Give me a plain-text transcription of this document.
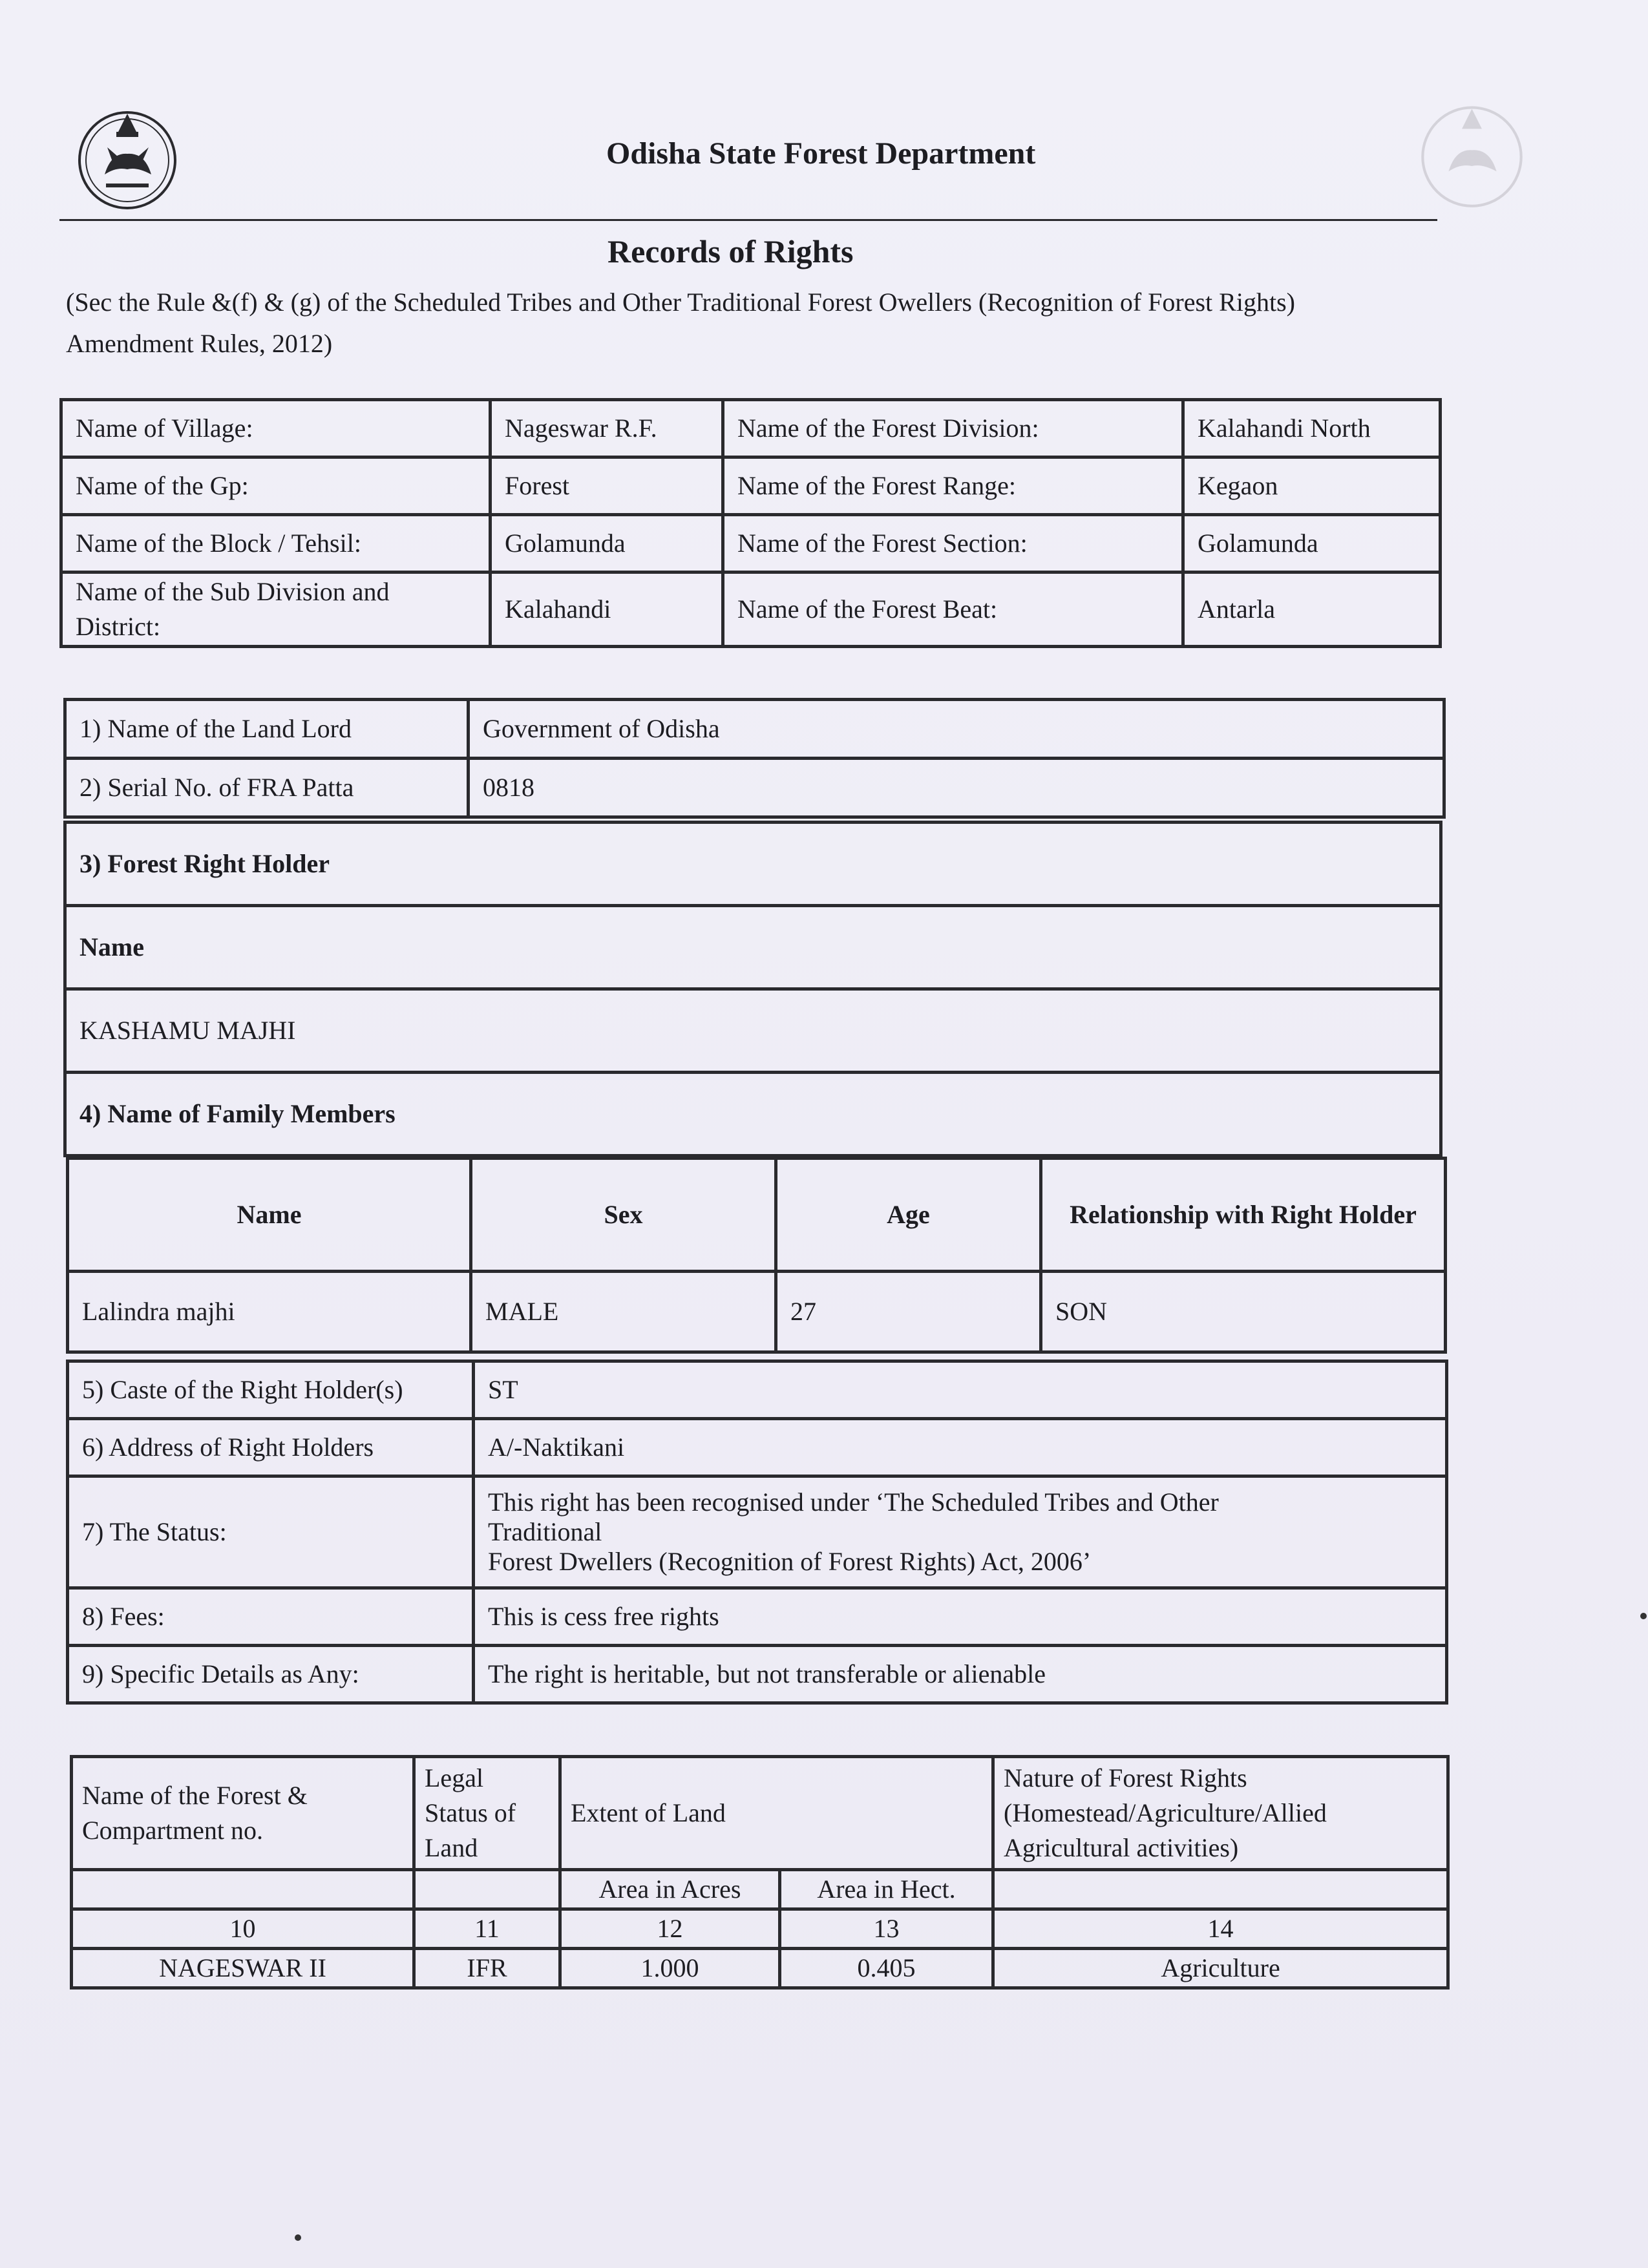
Odisha State Forest Department
Records of Rights
(Sec the Rule &(f) & (g) of the Scheduled Tribes and Other Traditional Forest Owellers (Recognition of Forest Rights) Amendment Rules, 2012)
Name of Village:	Nageswar R.F.	Name of the Forest Division:	Kalahandi North
Name of the Gp:	Forest	Name of the Forest Range:	Kegaon
Name of the Block / Tehsil:	Golamunda	Name of the Forest Section:	Golamunda
Name of the Sub Division and District:	Kalahandi	Name of the Forest Beat:	Antarla
1) Name of the Land Lord	Government of Odisha
2) Serial No. of FRA Patta	0818
3) Forest Right Holder
Name
KASHAMU MAJHI
4) Name of Family Members
Name	Sex	Age	Relationship with Right Holder
Lalindra majhi	MALE	27	SON
5) Caste of the Right Holder(s)	ST
6) Address of Right Holders	A/-Naktikani
7) The Status:	This right has been recognised under ‘The Scheduled Tribes and Other
Traditional
Forest Dwellers (Recognition of Forest Rights) Act, 2006’

8) Fees:	This is cess free rights
9) Specific Details as Any:	The right is heritable, but not transferable or alienable
Name of the Forest & Compartment no.	Legal Status of Land	Extent of Land		Nature of Forest Rights (Homestead/Agriculture/Allied Agricultural activities)
		Area in Acres	Area in Hect.	
10	11	12	13	14
NAGESWAR II	IFR	1.000	0.405	Agriculture
